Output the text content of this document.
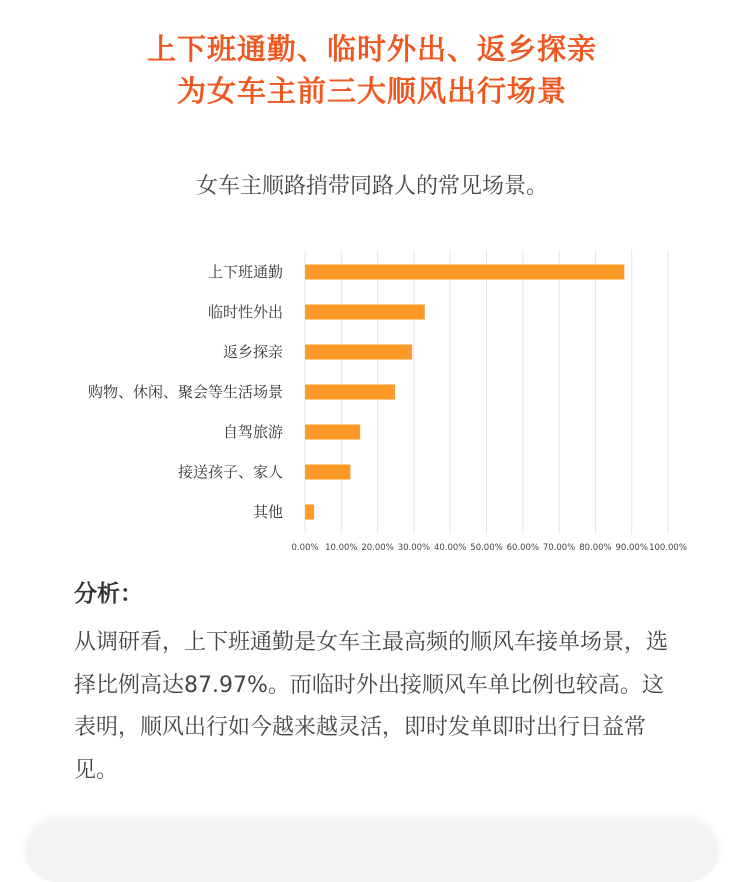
上下班通勤、临时外出、返乡探亲
为女车主前三大顺风出行场景
女车主顺路捎带同路人的常见场景。
0.00% 10.00% 20.00% 30.00% 40.00% 50.00% 60.00% 70.00% 80.00% 90.00% 100.00%
上下班通勤
临时性外出
返乡探亲
购物、休闲、聚会等生活场景
自驾旅游
接送孩子、家人
其他
分析：
从调研看，上下班通勤是女车主最高频的顺风车接单场景，选择比例高达87.97%。而临时外出接顺风车单比例也较高。这表明，顺风出行如今越来越灵活，即时发单即时出行日益常见。
